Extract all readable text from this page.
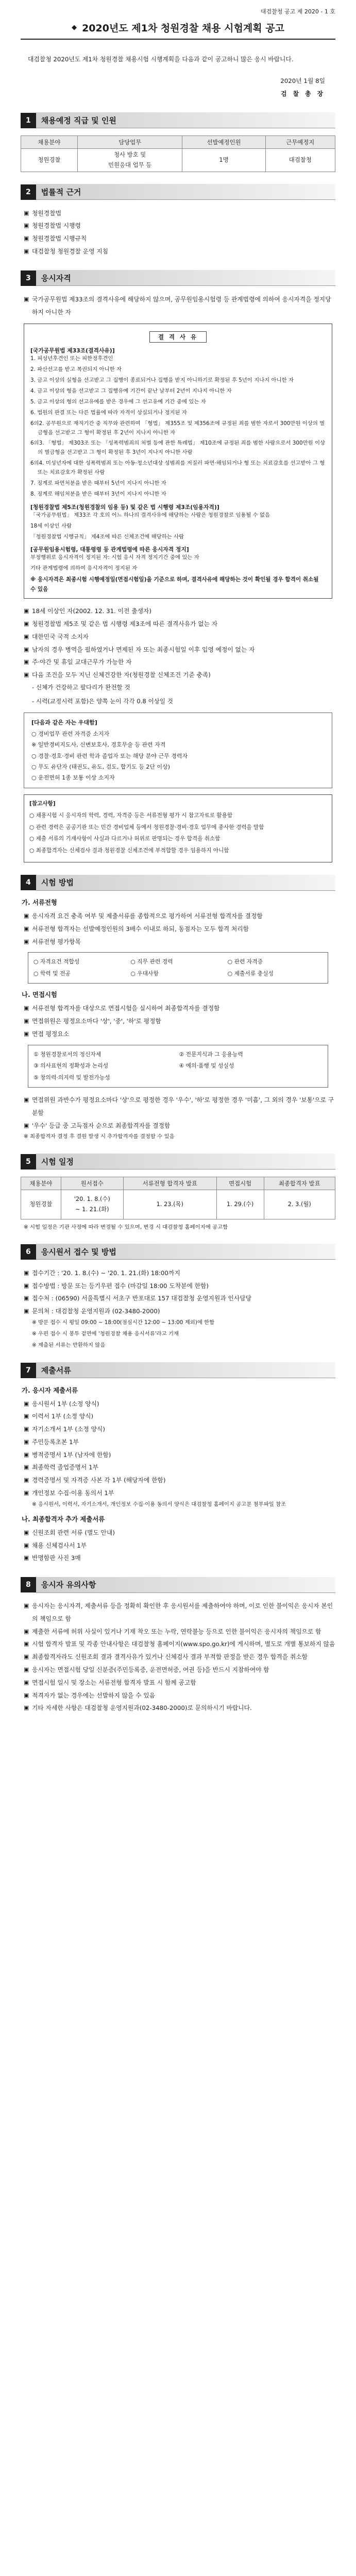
대검찰청 공고 제 2020 - 1 호
◆ 2020년도 제1차 청원경찰 채용 시험계획 공고

대검찰청 2020년도 제1차 청원경찰 채용시험 시행계획을 다음과 같이 공고하니 많은 응시 바랍니다.

2020년 1월 8일
검 찰 총 장
1	채용예정 직급 및 인원
채용분야	담당업무	선발예정인원	근무예정지
청원경찰	청사 방호 및
민원응대 업무 등	1명	대검찰청
2	법률적 근거
▣ 청원경찰법
▣ 청원경찰법 시행령
▣ 청원경찰법 시행규칙
▣ 대검찰청 청원경찰 운영 지침
3	응시자격
▣ 국가공무원법 제33조의 결격사유에 해당하지 않으며, 공무원임용시험령 등 관계법령에 의하여 응시자격을 정지당하지 아니한 자
결 격 사 유
[국가공무원법 제33조(결격사유)]

1. 피성년후견인 또는 피한정후견인

2. 파산선고를 받고 복권되지 아니한 자

3. 금고 이상의 실형을 선고받고 그 집행이 종료되거나 집행을 받지 아니하기로 확정된 후 5년이 지나지 아니한 자

4. 금고 이상의 형을 선고받고 그 집행유예 기간이 끝난 날부터 2년이 지나지 아니한 자

5. 금고 이상의 형의 선고유예를 받은 경우에 그 선고유예 기간 중에 있는 자

6. 법원의 판결 또는 다른 법률에 따라 자격이 상실되거나 정지된 자

6의2. 공무원으로 재직기간 중 직무와 관련하여 「형법」 제355조 및 제356조에 규정된 죄를 범한 자로서 300만원 이상의 벌금형을 선고받고 그 형이 확정된 후 2년이 지나지 아니한 자

6의3. 「형법」 제303조 또는 「성폭력범죄의 처벌 등에 관한 특례법」 제10조에 규정된 죄를 범한 사람으로서 300만원 이상의 벌금형을 선고받고 그 형이 확정된 후 3년이 지나지 아니한 사람

6의4. 미성년자에 대한 성폭력범죄 또는 아동·청소년대상 성범죄를 저질러 파면·해임되거나 형 또는 치료감호를 선고받아 그 형 또는 치료감호가 확정된 사람

7. 징계로 파면처분을 받은 때부터 5년이 지나지 아니한 자

8. 징계로 해임처분을 받은 때부터 3년이 지나지 아니한 자

[청원경찰법 제5조(청원경찰의 임용 등) 및 같은 법 시행령 제3조(임용자격)]

「국가공무원법」 제33조 각 호의 어느 하나의 결격사유에 해당하는 사람은 청원경찰로 임용될 수 없음

18세 이상인 사람

「청원경찰법 시행규칙」 제4조에 따른 신체조건에 해당하는 사람

[공무원임용시험령, 대통령령 등 관계법령에 따른 응시자격 정지]

부정행위로 응시자격이 정지된 자: 시험 응시 자격 정지기간 중에 있는 자

기타 관계법령에 의하여 응시자격이 정지된 자

※ 응시자격은 최종시험 시행예정일(면접시험일)을 기준으로 하며, 결격사유에 해당하는 것이 확인될 경우 합격이 취소될 수 있음
▣ 18세 이상인 자(2002. 12. 31. 이전 출생자)
▣ 청원경찰법 제5조 및 같은 법 시행령 제3조에 따른 결격사유가 없는 자
▣ 대한민국 국적 소지자
▣ 남자의 경우 병역을 필하였거나 면제된 자 또는 최종시험일 이후 입영 예정이 없는 자
▣ 주·야간 및 휴일 교대근무가 가능한 자
▣ 다음 조건을 모두 지닌 신체건강한 자(청원경찰 신체조건 기준 충족)

- 신체가 건강하고 팔다리가 완전할 것

- 시력(교정시력 포함)은 양쪽 눈이 각각 0.8 이상일 것

[다음과 같은 자는 우대함]

○ 경비업무 관련 자격증 소지자

※ 일반경비지도사, 신변보호사, 경호무술 등 관련 자격

○ 경찰·경호·경비 관련 학과 졸업자 또는 해당 분야 근무 경력자

○ 무도 유단자 (태권도, 유도, 검도, 합기도 등 2단 이상)

○ 운전면허 1종 보통 이상 소지자

[참고사항]

○ 채용시험 시 응시자의 학력, 경력, 자격증 등은 서류전형 평가 시 참고자료로 활용함

○ 관련 경력은 공공기관 또는 민간 경비업체 등에서 청원경찰·경비·경호 업무에 종사한 경력을 말함

○ 제출 서류의 기재사항이 사실과 다르거나 허위로 판명되는 경우 합격을 취소함

○ 최종합격자는 신체검사 결과 청원경찰 신체조건에 부적합할 경우 임용하지 아니함

4	시험 방법
가. 서류전형
▣ 응시자격 요건 충족 여부 및 제출서류를 종합적으로 평가하여 서류전형 합격자를 결정함
▣ 서류전형 합격자는 선발예정인원의 3배수 이내로 하되, 동점자는 모두 합격 처리함
▣ 서류전형 평가항목
○ 자격요건 적합성	○ 직무 관련 경력	○ 관련 자격증
○ 학력 및 전공	○ 우대사항	○ 제출서류 충실성
나. 면접시험
▣ 서류전형 합격자를 대상으로 면접시험을 실시하여 최종합격자를 결정함
▣ 면접위원은 평정요소마다 '상', '중', '하'로 평정함
▣ 면접 평정요소
① 청원경찰로서의 정신자세	② 전문지식과 그 응용능력
③ 의사표현의 정확성과 논리성	④ 예의·품행 및 성실성
⑤ 창의력·의지력 및 발전가능성
▣ 면접위원 과반수가 평정요소마다 '상'으로 평정한 경우 '우수', '하'로 평정한 경우 '미흡', 그 외의 경우 '보통'으로 구분함
▣ '우수' 등급 중 고득점자 순으로 최종합격자를 결정함

※ 최종합격자 결정 후 결원 발생 시 추가합격자를 결정할 수 있음

5	시험 일정
채용분야	원서접수	서류전형 합격자 발표	면접시험	최종합격자 발표
청원경찰	'20. 1. 8.(수)
~ 1. 21.(화)	1. 23.(목)	1. 29.(수)	2. 3.(월)

※ 시험 일정은 기관 사정에 따라 변경될 수 있으며, 변경 시 대검찰청 홈페이지에 공고함

6	응시원서 접수 및 방법
▣ 접수기간 : '20. 1. 8.(수) ~ '20. 1. 21.(화) 18:00까지
▣ 접수방법 : 방문 또는 등기우편 접수 (마감일 18:00 도착분에 한함)
▣ 접수처 : (06590) 서울특별시 서초구 반포대로 157 대검찰청 운영지원과 인사담당
▣ 문의처 : 대검찰청 운영지원과 (02-3480-2000)

※ 방문 접수 시 평일 09:00 ~ 18:00(점심시간 12:00 ~ 13:00 제외)에 한함

※ 우편 접수 시 봉투 겉면에 '청원경찰 채용 응시서류'라고 기재

※ 제출된 서류는 반환하지 않음

7	제출서류
가. 응시자 제출서류
▣ 응시원서 1부 (소정 양식)
▣ 이력서 1부 (소정 양식)
▣ 자기소개서 1부 (소정 양식)
▣ 주민등록초본 1부
▣ 병적증명서 1부 (남자에 한함)
▣ 최종학력 졸업증명서 1부
▣ 경력증명서 및 자격증 사본 각 1부 (해당자에 한함)
▣ 개인정보 수집·이용 동의서 1부

※ 응시원서, 이력서, 자기소개서, 개인정보 수집·이용 동의서 양식은 대검찰청 홈페이지 공고문 첨부파일 참조

나. 최종합격자 추가 제출서류
▣ 신원조회 관련 서류 (별도 안내)
▣ 채용 신체검사서 1부
▣ 반명함판 사진 3매
8	응시자 유의사항
▣ 응시자는 응시자격, 제출서류 등을 정확히 확인한 후 응시원서를 제출하여야 하며, 이로 인한 불이익은 응시자 본인의 책임으로 함
▣ 제출한 서류에 허위 사실이 있거나 기재 착오 또는 누락, 연락불능 등으로 인한 불이익은 응시자의 책임으로 함
▣ 시험 합격자 발표 및 각종 안내사항은 대검찰청 홈페이지(www.spo.go.kr)에 게시하며, 별도로 개별 통보하지 않음
▣ 최종합격자라도 신원조회 결과 결격사유가 있거나 신체검사 결과 부적합 판정을 받은 경우 합격을 취소함
▣ 응시자는 면접시험 당일 신분증(주민등록증, 운전면허증, 여권 등)을 반드시 지참하여야 함
▣ 면접시험 일시 및 장소는 서류전형 합격자 발표 시 함께 공고함
▣ 적격자가 없는 경우에는 선발하지 않을 수 있음
▣ 기타 자세한 사항은 대검찰청 운영지원과(02-3480-2000)로 문의하시기 바랍니다.
